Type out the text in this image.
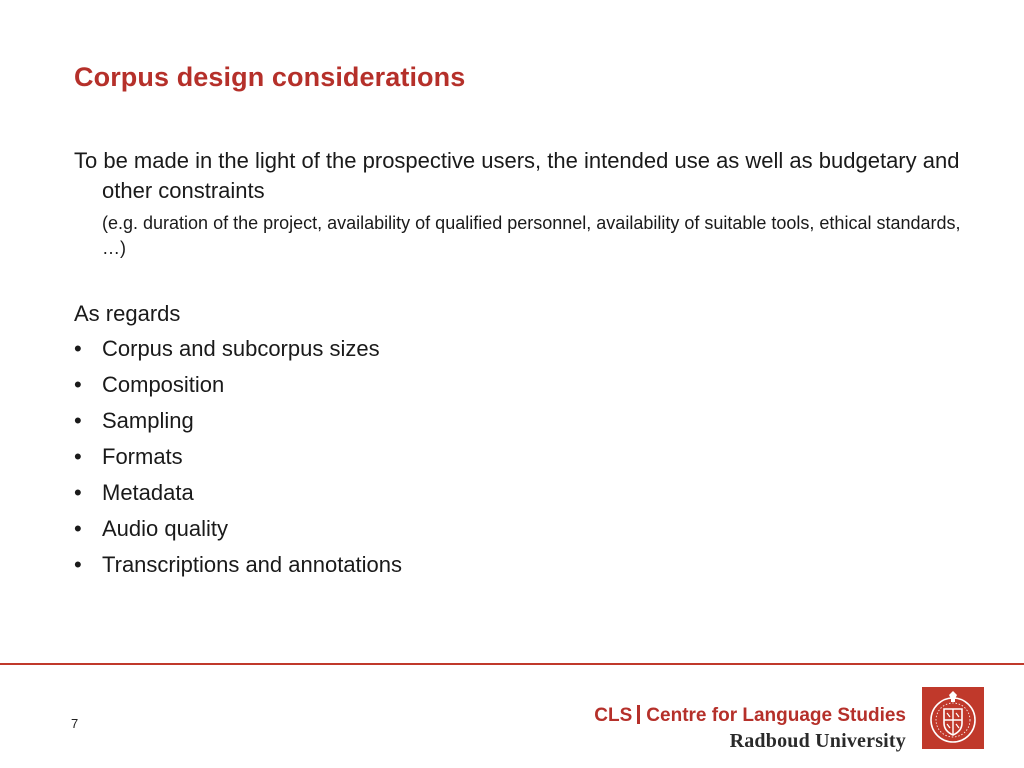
Corpus design considerations

To be made in the light of the prospective users, the intended use as well as budgetary and other constraints

(e.g. duration of the project, availability of qualified personnel, availability of suitable tools, ethical standards, …)

As regards

• Corpus and subcorpus sizes
• Composition
• Sampling
• Formats
• Metadata
• Audio quality
• Transcriptions and annotations
7	CLS Centre for Language Studies
Radboud University
